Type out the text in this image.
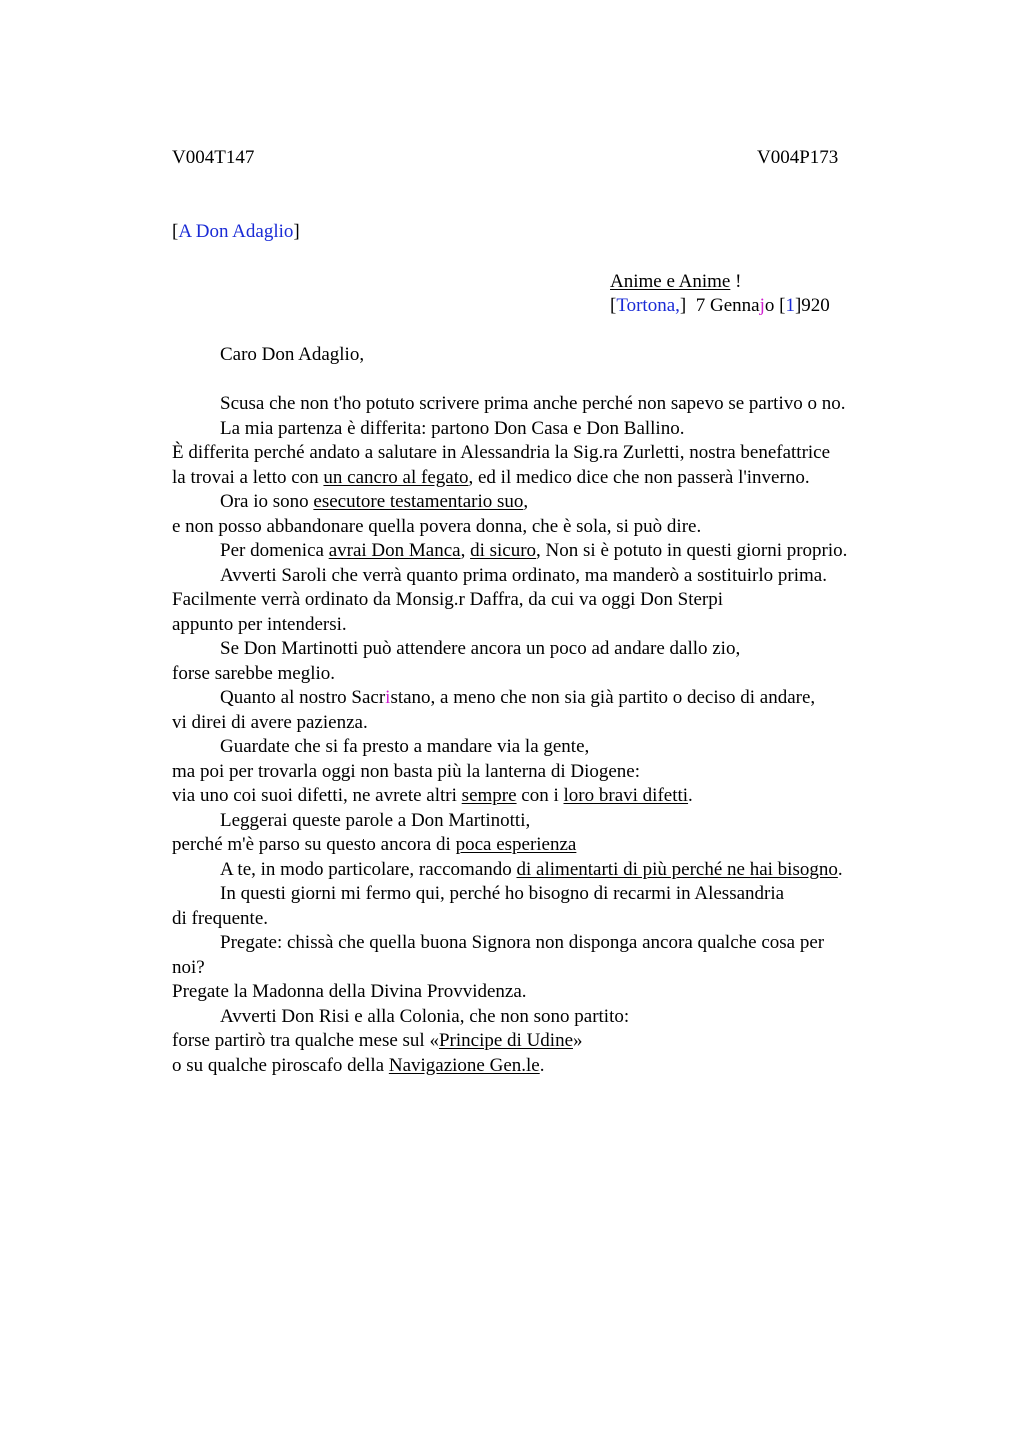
V004T147	V004P173
[A Don Adaglio]
Anime e Anime !
[Tortona,]  7 Gennajo [1]920
Caro Don Adaglio,
Scusa che non t'ho potuto scrivere prima anche perché non sapevo se partivo o no.
La mia partenza è differita: partono Don Casa e Don Ballino.
È differita perché andato a salutare in Alessandria la Sig.ra Zurletti, nostra benefattrice
la trovai a letto con un cancro al fegato, ed il medico dice che non passerà l'inverno.
Ora io sono esecutore testamentario suo,
e non posso abbandonare quella povera donna, che è sola, si può dire.
Per domenica avrai Don Manca, di sicuro, Non si è potuto in questi giorni proprio.
Avverti Saroli che verrà quanto prima ordinato, ma manderò a sostituirlo prima.
Facilmente verrà ordinato da Monsig.r Daffra, da cui va oggi Don Sterpi
appunto per intendersi.
Se Don Martinotti può attendere ancora un poco ad andare dallo zio,
forse sarebbe meglio.
Quanto al nostro Sacristano, a meno che non sia già partito o deciso di andare,
vi direi di avere pazienza.
Guardate che si fa presto a mandare via la gente,
ma poi per trovarla oggi non basta più la lanterna di Diogene:
via uno coi suoi difetti, ne avrete altri sempre con i loro bravi difetti.
Leggerai queste parole a Don Martinotti,
perché m'è parso su questo ancora di poca esperienza
A te, in modo particolare, raccomando di alimentarti di più perché ne hai bisogno.
In questi giorni mi fermo qui, perché ho bisogno di recarmi in Alessandria
di frequente.
Pregate: chissà che quella buona Signora non disponga ancora qualche cosa per
noi?
Pregate la Madonna della Divina Provvidenza.
Avverti Don Risi e alla Colonia, che non sono partito:
forse partirò tra qualche mese sul «Principe di Udine»
o su qualche piroscafo della Navigazione Gen.le.
